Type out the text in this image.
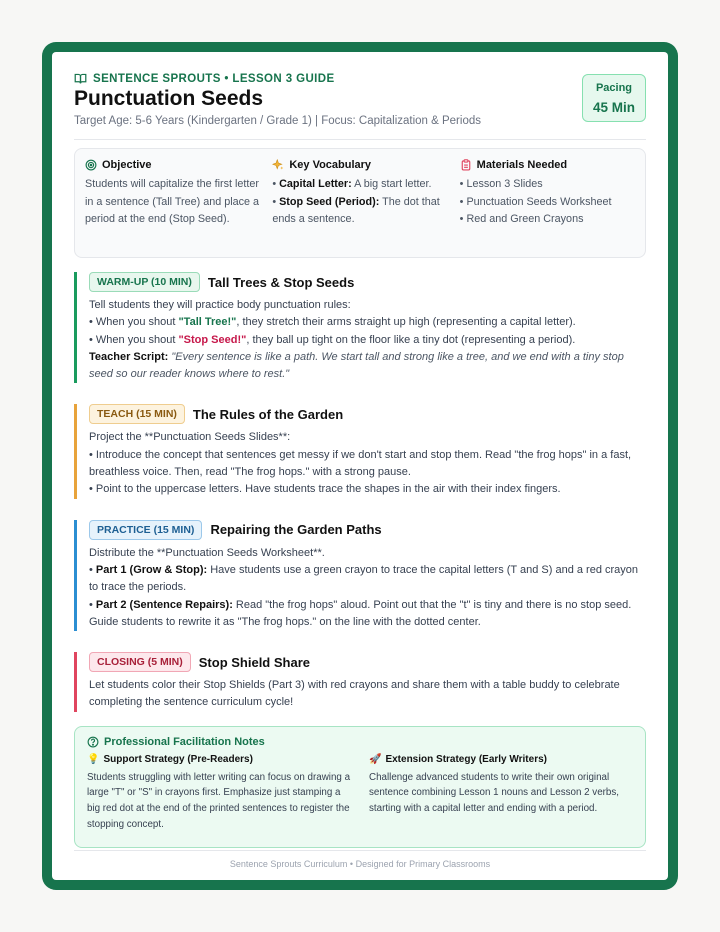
SENTENCE SPROUTS • LESSON 3 GUIDE
Punctuation Seeds
Target Age: 5-6 Years (Kindergarten / Grade 1) | Focus: Capitalization & Periods
Pacing
45 Min
Objective
Students will capitalize the first letter in a sentence (Tall Tree) and place a period at the end (Stop Seed).
Key Vocabulary
• Capital Letter: A big start letter.
• Stop Seed (Period): The dot that ends a sentence.
Materials Needed
• Lesson 3 Slides
• Punctuation Seeds Worksheet
• Red and Green Crayons
WARM-UP (10 MIN)	Tall Trees & Stop Seeds
Tell students they will practice body punctuation rules:
• When you shout "Tall Tree!", they stretch their arms straight up high (representing a capital letter).
• When you shout "Stop Seed!", they ball up tight on the floor like a tiny dot (representing a period).
Teacher Script: "Every sentence is like a path. We start tall and strong like a tree, and we end with a tiny stop seed so our reader knows where to rest."
TEACH (15 MIN)	The Rules of the Garden
Project the **Punctuation Seeds Slides**:
• Introduce the concept that sentences get messy if we don't start and stop them. Read "the frog hops" in a fast, breathless voice. Then, read "The frog hops." with a strong pause.
• Point to the uppercase letters. Have students trace the shapes in the air with their index fingers.
PRACTICE (15 MIN)	Repairing the Garden Paths
Distribute the **Punctuation Seeds Worksheet**.
• Part 1 (Grow & Stop): Have students use a green crayon to trace the capital letters (T and S) and a red crayon to trace the periods.
• Part 2 (Sentence Repairs): Read "the frog hops" aloud. Point out that the "t" is tiny and there is no stop seed. Guide students to rewrite it as "The frog hops." on the line with the dotted center.
CLOSING (5 MIN)	Stop Shield Share
Let students color their Stop Shields (Part 3) with red crayons and share them with a table buddy to celebrate completing the sentence curriculum cycle!
Professional Facilitation Notes
💡 Support Strategy (Pre-Readers)
Students struggling with letter writing can focus on drawing a large "T" or "S" in crayons first. Emphasize just stamping a big red dot at the end of the printed sentences to register the stopping concept.
🚀 Extension Strategy (Early Writers)
Challenge advanced students to write their own original sentence combining Lesson 1 nouns and Lesson 2 verbs, starting with a capital letter and ending with a period.
Sentence Sprouts Curriculum • Designed for Primary Classrooms
